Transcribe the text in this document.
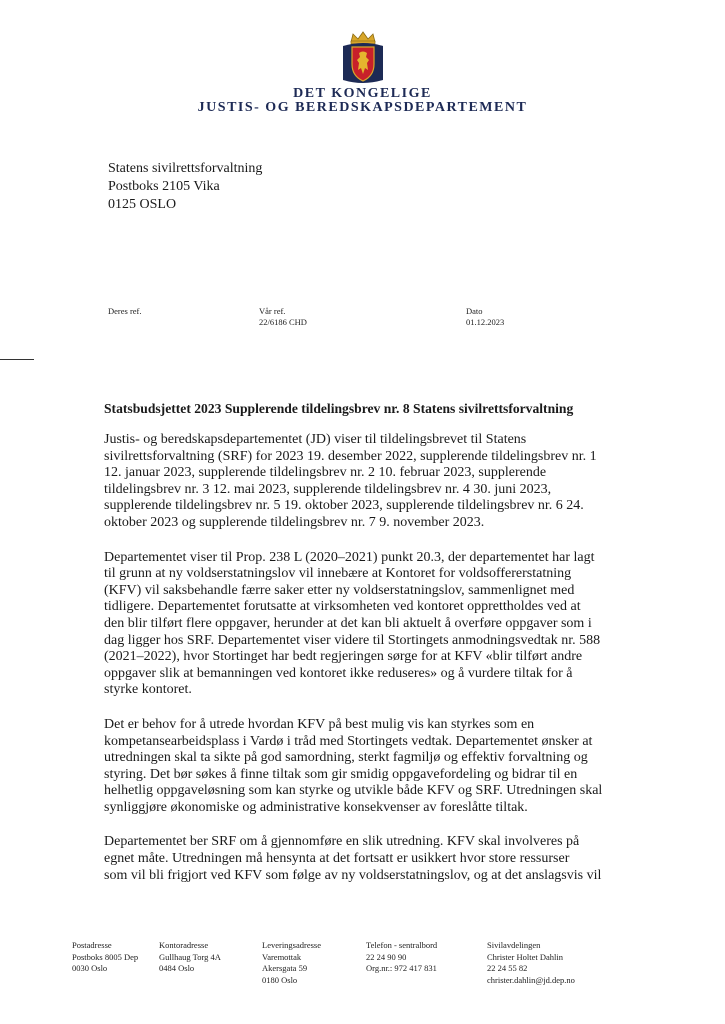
DET KONGELIGE
JUSTIS- OG BEREDSKAPSDEPARTEMENT
Statens sivilrettsforvaltning
Postboks 2105 Vika
0125 OSLO
Deres ref.	Vår ref.
22/6186 CHD
Dato
01.12.2023
Statsbudsjettet 2023 Supplerende tildelingsbrev nr. 8 Statens sivilrettsforvaltning

Justis- og beredskapsdepartementet (JD) viser til tildelingsbrevet til Statens
sivilrettsforvaltning (SRF) for 2023 19. desember 2022, supplerende tildelingsbrev nr. 1
12. januar 2023, supplerende tildelingsbrev nr. 2 10. februar 2023, supplerende
tildelingsbrev nr. 3 12. mai 2023, supplerende tildelingsbrev nr. 4 30. juni 2023,
supplerende tildelingsbrev nr. 5 19. oktober 2023, supplerende tildelingsbrev nr. 6 24.
oktober 2023 og supplerende tildelingsbrev nr. 7 9. november 2023.

Departementet viser til Prop. 238 L (2020–2021) punkt 20.3, der departementet har lagt
til grunn at ny voldserstatningslov vil innebære at Kontoret for voldsoffererstatning
(KFV) vil saksbehandle færre saker etter ny voldserstatningslov, sammenlignet med
tidligere. Departementet forutsatte at virksomheten ved kontoret opprettholdes ved at
den blir tilført flere oppgaver, herunder at det kan bli aktuelt å overføre oppgaver som i
dag ligger hos SRF. Departementet viser videre til Stortingets anmodningsvedtak nr. 588
(2021–2022), hvor Stortinget har bedt regjeringen sørge for at KFV «blir tilført andre
oppgaver slik at bemanningen ved kontoret ikke reduseres» og å vurdere tiltak for å
styrke kontoret.

Det er behov for å utrede hvordan KFV på best mulig vis kan styrkes som en
kompetansearbeidsplass i Vardø i tråd med Stortingets vedtak. Departementet ønsker at
utredningen skal ta sikte på god samordning, sterkt fagmiljø og effektiv forvaltning og
styring. Det bør søkes å finne tiltak som gir smidig oppgavefordeling og bidrar til en
helhetlig oppgaveløsning som kan styrke og utvikle både KFV og SRF. Utredningen skal
synliggjøre økonomiske og administrative konsekvenser av foreslåtte tiltak.

Departementet ber SRF om å gjennomføre en slik utredning. KFV skal involveres på
egnet måte. Utredningen må hensynta at det fortsatt er usikkert hvor store ressurser
som vil bli frigjort ved KFV som følge av ny voldserstatningslov, og at det anslagsvis vil

Postadresse
Postboks 8005 Dep
0030 Oslo
Kontoradresse
Gullhaug Torg 4A
0484 Oslo
Leveringsadresse
Varemottak
Akersgata 59
0180 Oslo
Telefon - sentralbord
22 24 90 90
Org.nr.: 972 417 831
Sivilavdelingen
Christer Holtet Dahlin
22 24 55 82
christer.dahlin@jd.dep.no
